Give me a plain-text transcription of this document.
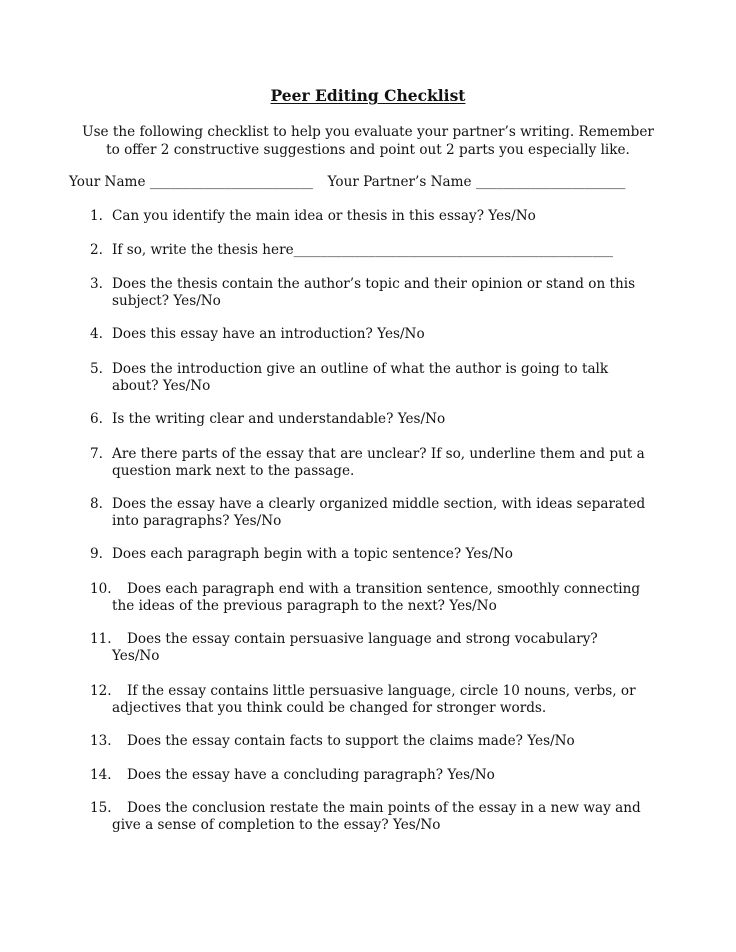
Peer Editing Checklist
Use the following checklist to help you evaluate your partner’s writing. Remember
to offer 2 constructive suggestions and point out 2 parts you especially like.
Your Name ________________________ Your Partner’s Name ______________________
1. Can you identify the main idea or thesis in this essay? Yes/No
2. If so, write the thesis here_______________________________________________
3. Does the thesis contain the author’s topic and their opinion or stand on this
subject? Yes/No
4. Does this essay have an introduction? Yes/No
5. Does the introduction give an outline of what the author is going to talk
about? Yes/No
6. Is the writing clear and understandable? Yes/No
7. Are there parts of the essay that are unclear? If so, underline them and put a
question mark next to the passage.
8. Does the essay have a clearly organized middle section, with ideas separated
into paragraphs? Yes/No
9. Does each paragraph begin with a topic sentence? Yes/No
10. Does each paragraph end with a transition sentence, smoothly connecting
the ideas of the previous paragraph to the next? Yes/No
11. Does the essay contain persuasive language and strong vocabulary?
Yes/No
12. If the essay contains little persuasive language, circle 10 nouns, verbs, or
adjectives that you think could be changed for stronger words.
13. Does the essay contain facts to support the claims made? Yes/No
14. Does the essay have a concluding paragraph? Yes/No
15. Does the conclusion restate the main points of the essay in a new way and
give a sense of completion to the essay? Yes/No
